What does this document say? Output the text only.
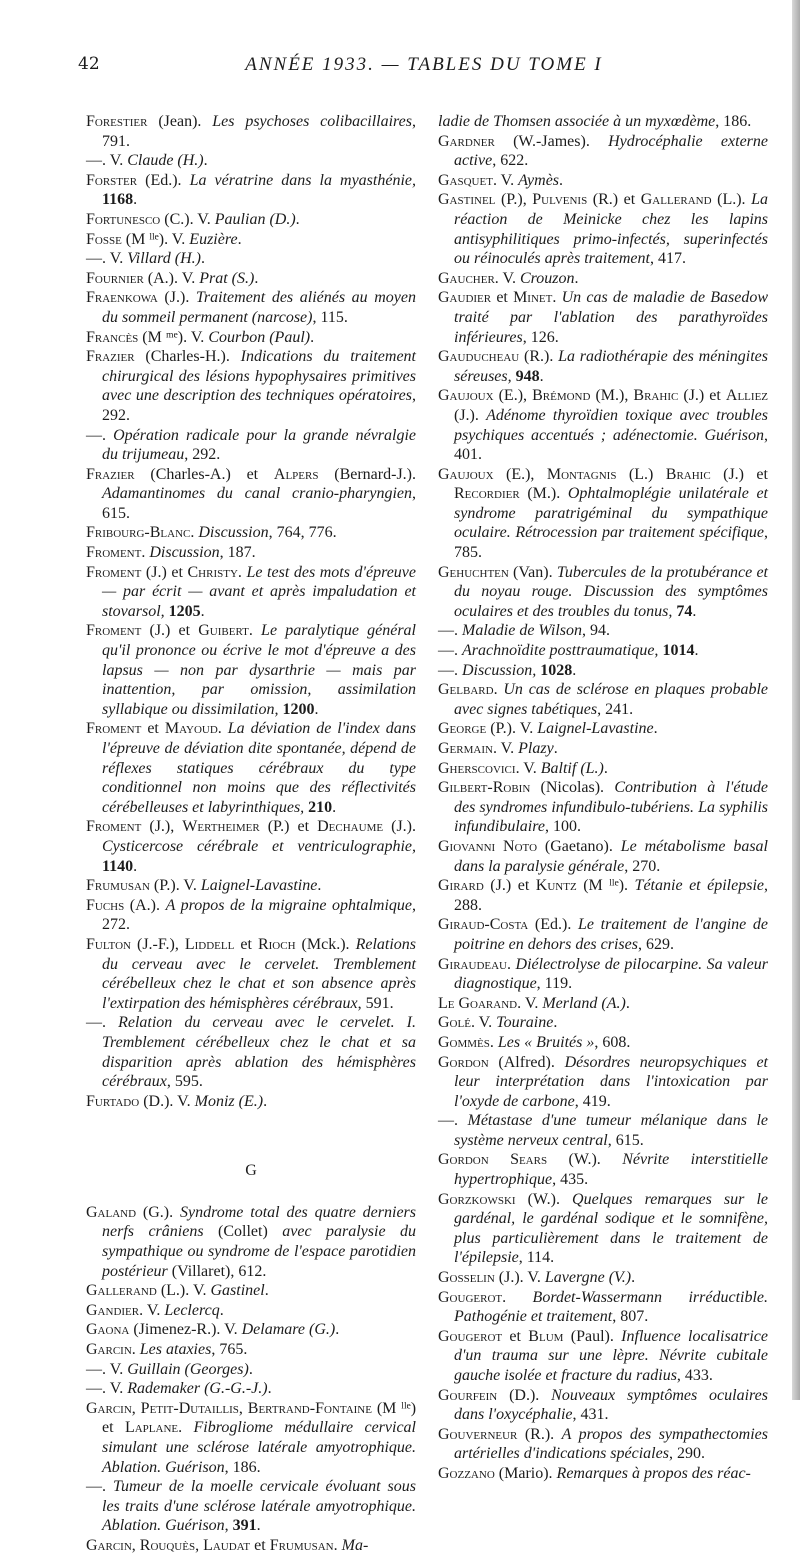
42	ANNÉE 1933. — TABLES DU TOME I

Forestier (Jean). Les psychoses colibacillaires, 791.

—. V. Claude (H.).

Forster (Ed.). La vératrine dans la myasthénie, 1168.

Fortunesco (C.). V. Paulian (D.).

Fosse (M ˡˡᵉ). V. Euzière.

—. V. Villard (H.).

Fournier (A.). V. Prat (S.).

Fraenkowa (J.). Traitement des aliénés au moyen du sommeil permanent (narcose), 115.

Francès (M ᵐᵉ). V. Courbon (Paul).

Frazier (Charles-H.). Indications du traitement chirurgical des lésions hypophysaires primitives avec une description des techniques opératoires, 292.

—. Opération radicale pour la grande névralgie du trijumeau, 292.

Frazier (Charles-A.) et Alpers (Bernard-J.). Adamantinomes du canal cranio-pharyngien, 615.

Fribourg-Blanc. Discussion, 764, 776.

Froment. Discussion, 187.

Froment (J.) et Christy. Le test des mots d'épreuve — par écrit — avant et après impaludation et stovarsol, 1205.

Froment (J.) et Guibert. Le paralytique général qu'il prononce ou écrive le mot d'épreuve a des lapsus — non par dysarthrie — mais par inattention, par omission, assimilation syllabique ou dissimilation, 1200.

Froment et Mayoud. La déviation de l'index dans l'épreuve de déviation dite spontanée, dépend de réflexes statiques cérébraux du type conditionnel non moins que des réflectivités cérébelleuses et labyrinthiques, 210.

Froment (J.), Wertheimer (P.) et Dechaume (J.). Cysticercose cérébrale et ventriculographie, 1140.

Frumusan (P.). V. Laignel-Lavastine.

Fuchs (A.). A propos de la migraine ophtalmique, 272.

Fulton (J.-F.), Liddell et Rioch (Mck.). Relations du cerveau avec le cervelet. Tremblement cérébelleux chez le chat et son absence après l'extirpation des hémisphères cérébraux, 591.

—. Relation du cerveau avec le cervelet. I. Tremblement cérébelleux chez le chat et sa disparition après ablation des hémisphères cérébraux, 595.

Furtado (D.). V. Moniz (E.).

G

Galand (G.). Syndrome total des quatre derniers nerfs crâniens (Collet) avec paralysie du sympathique ou syndrome de l'espace parotidien postérieur (Villaret), 612.

Gallerand (L.). V. Gastinel.

Gandier. V. Leclercq.

Gaona (Jimenez-R.). V. Delamare (G.).

Garcin. Les ataxies, 765.

—. V. Guillain (Georges).

—. V. Rademaker (G.-G.-J.).

Garcin, Petit-Dutaillis, Bertrand-Fontaine (M ˡˡᵉ) et Laplane. Fibrogliome médullaire cervical simulant une sclérose latérale amyotrophique. Ablation. Guérison, 186.

—. Tumeur de la moelle cervicale évoluant sous les traits d'une sclérose latérale amyotrophique. Ablation. Guérison, 391.

Garcin, Rouquès, Laudat et Frumusan. Ma-

ladie de Thomsen associée à un myxœdème, 186.

Gardner (W.-James). Hydrocéphalie externe active, 622.

Gasquet. V. Aymès.

Gastinel (P.), Pulvenis (R.) et Gallerand (L.). La réaction de Meinicke chez les lapins antisyphilitiques primo-infectés, superinfectés ou réinoculés après traitement, 417.

Gaucher. V. Crouzon.

Gaudier et Minet. Un cas de maladie de Basedow traité par l'ablation des parathyroïdes inférieures, 126.

Gauducheau (R.). La radiothérapie des méningites séreuses, 948.

Gaujoux (E.), Brémond (M.), Brahic (J.) et Alliez (J.). Adénome thyroïdien toxique avec troubles psychiques accentués ; adénectomie. Guérison, 401.

Gaujoux (E.), Montagnis (L.) Brahic (J.) et Recordier (M.). Ophtalmoplégie unilatérale et syndrome paratrigéminal du sympathique oculaire. Rétrocession par traitement spécifique, 785.

Gehuchten (Van). Tubercules de la protubérance et du noyau rouge. Discussion des symptômes oculaires et des troubles du tonus, 74.

—. Maladie de Wilson, 94.

—. Arachnoïdite posttraumatique, 1014.

—. Discussion, 1028.

Gelbard. Un cas de sclérose en plaques probable avec signes tabétiques, 241.

George (P.). V. Laignel-Lavastine.

Germain. V. Plazy.

Gherscovici. V. Baltif (L.).

Gilbert-Robin (Nicolas). Contribution à l'étude des syndromes infundibulo-tubériens. La syphilis infundibulaire, 100.

Giovanni Noto (Gaetano). Le métabolisme basal dans la paralysie générale, 270.

Girard (J.) et Kuntz (M ˡˡᵉ). Tétanie et épilepsie, 288.

Giraud-Costa (Ed.). Le traitement de l'angine de poitrine en dehors des crises, 629.

Giraudeau. Diélectrolyse de pilocarpine. Sa valeur diagnostique, 119.

Le Goarand. V. Merland (A.).

Golé. V. Touraine.

Gommès. Les « Bruités », 608.

Gordon (Alfred). Désordres neuropsychiques et leur interprétation dans l'intoxication par l'oxyde de carbone, 419.

—. Métastase d'une tumeur mélanique dans le système nerveux central, 615.

Gordon Sears (W.). Névrite interstitielle hypertrophique, 435.

Gorzkowski (W.). Quelques remarques sur le gardénal, le gardénal sodique et le somnifène, plus particulièrement dans le traitement de l'épilepsie, 114.

Gosselin (J.). V. Lavergne (V.).

Gougerot. Bordet-Wassermann irréductible. Pathogénie et traitement, 807.

Gougerot et Blum (Paul). Influence localisatrice d'un trauma sur une lèpre. Névrite cubitale gauche isolée et fracture du radius, 433.

Gourfein (D.). Nouveaux symptômes oculaires dans l'oxycéphalie, 431.

Gouverneur (R.). A propos des sympathectomies artérielles d'indications spéciales, 290.

Gozzano (Mario). Remarques à propos des réac-
